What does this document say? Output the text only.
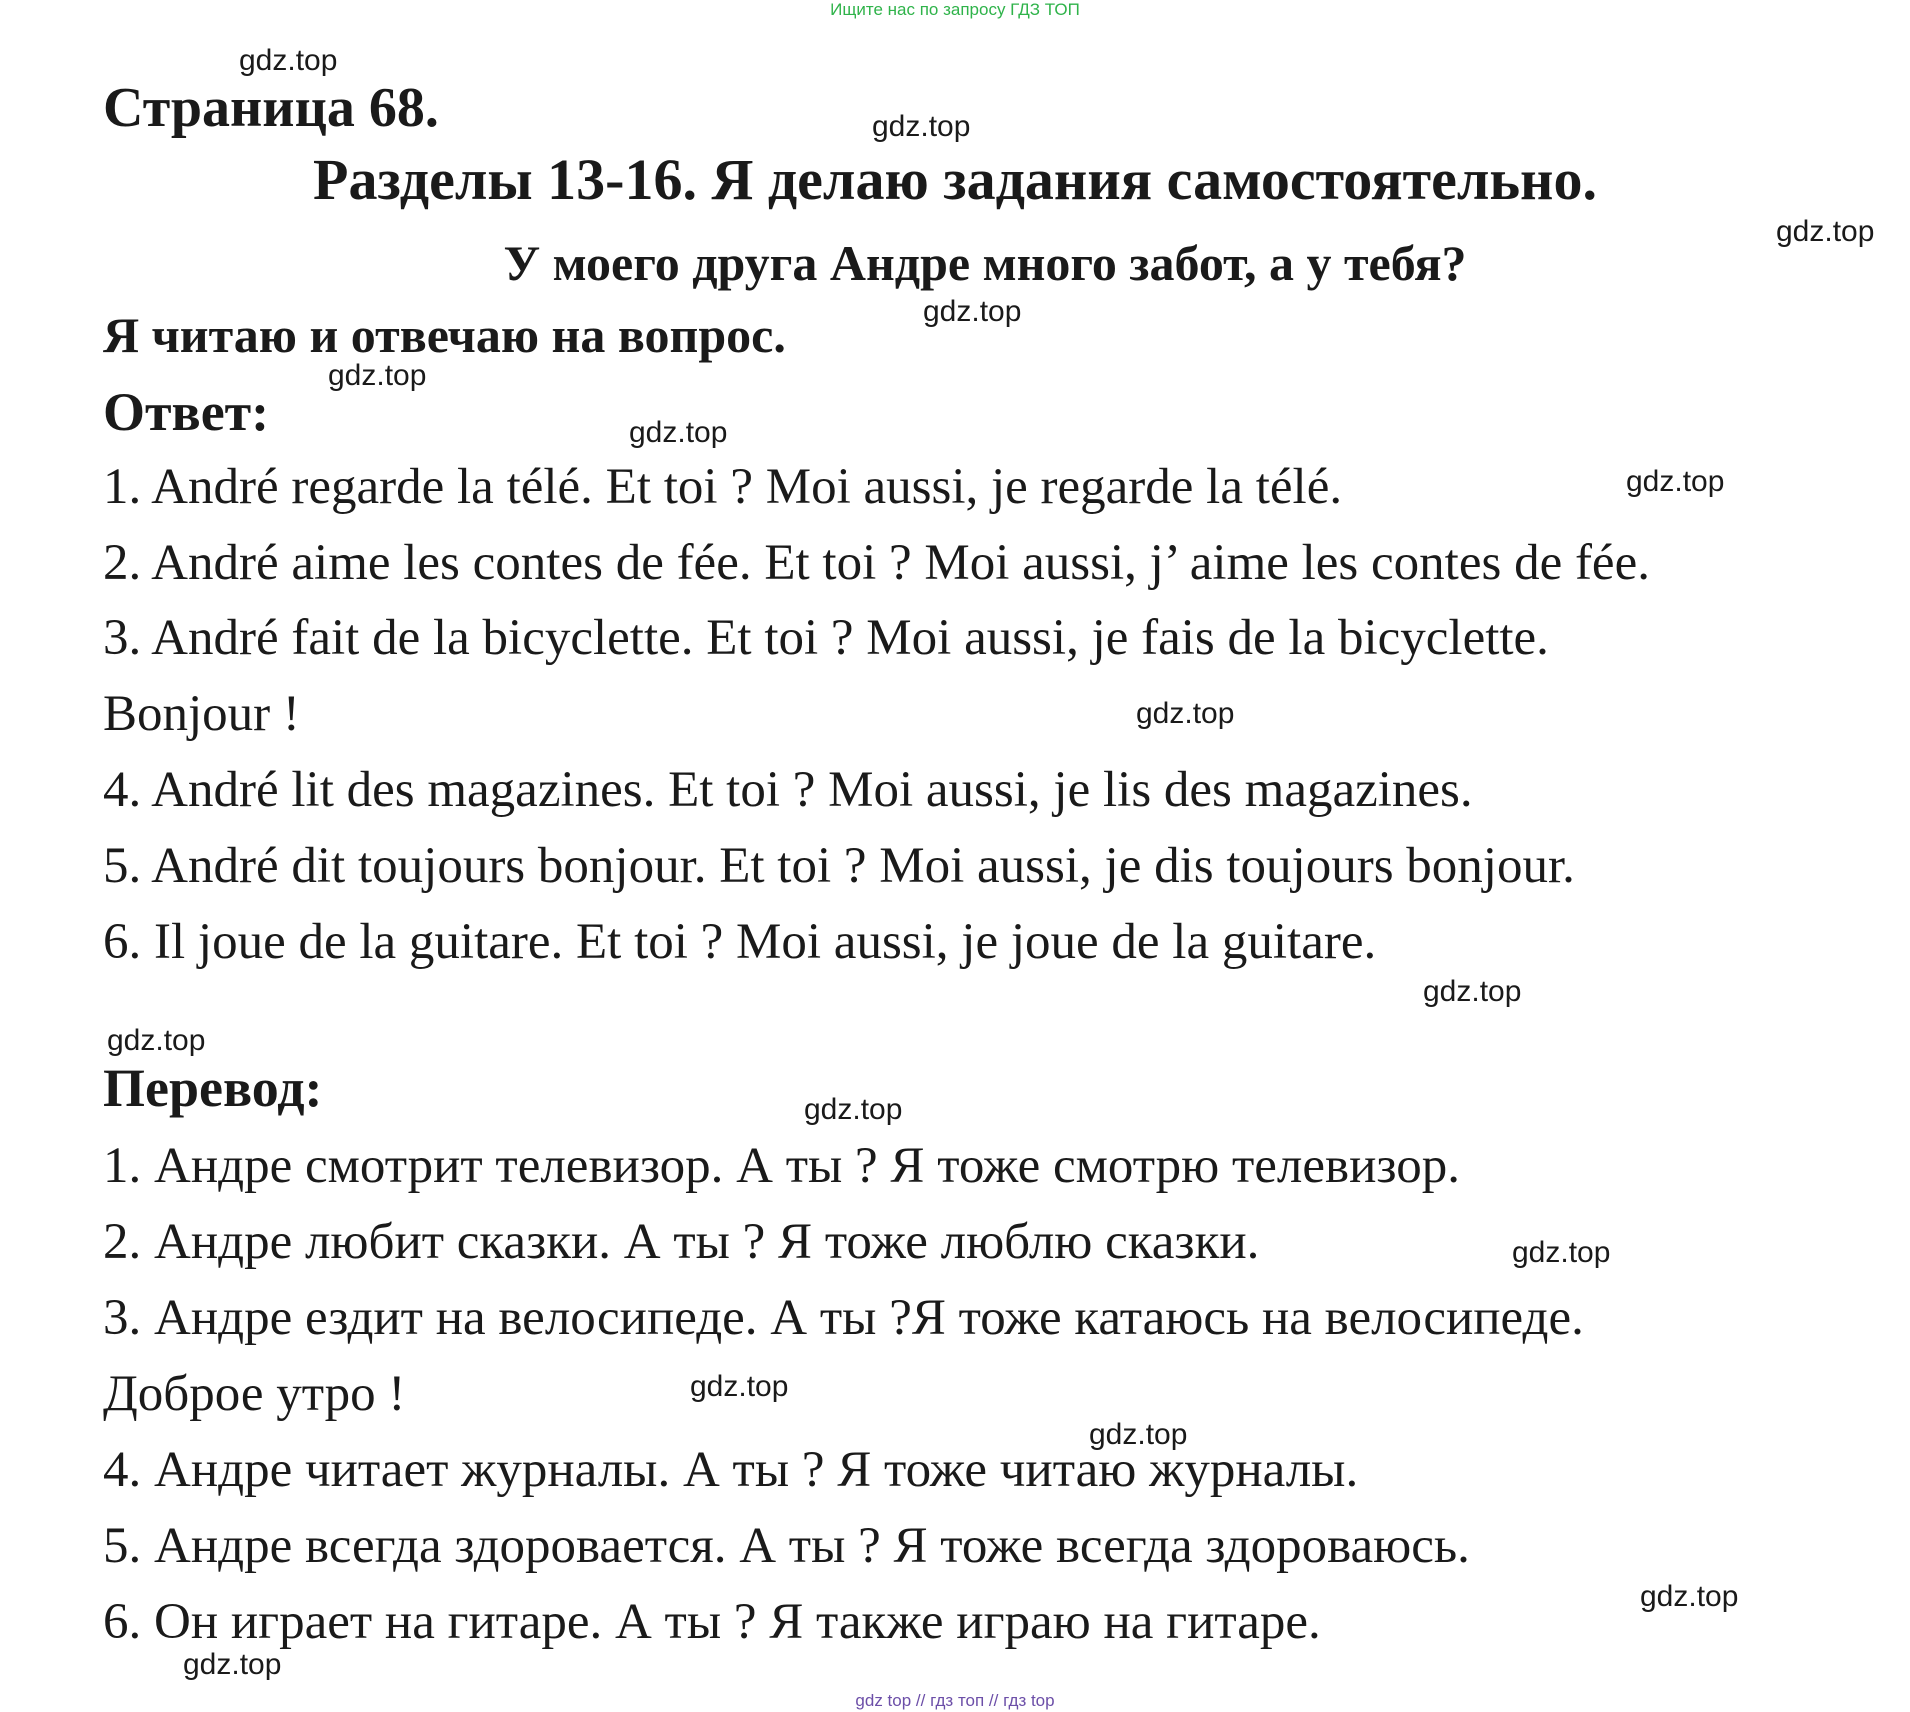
Ищите нас по запросу ГДЗ ТОП
gdz.top
gdz.top
gdz.top
gdz.top
gdz.top
gdz.top
gdz.top
gdz.top
gdz.top
gdz.top
gdz.top
gdz.top
gdz.top
gdz.top
gdz.top
gdz.top
Страница 68.
Разделы 13-16. Я делаю задания самостоятельно.
У моего друга Андре много забот, а у тебя?
Я читаю и отвечаю на вопрос.
Ответ:
1. André regarde la télé. Et toi ? Moi aussi, je regarde la télé.
2. André aime les contes de fée. Et toi ? Moi aussi, j’ aime les contes de fée.
3. André fait de la bicyclette. Et toi ? Moi aussi, je fais de la bicyclette.
Bonjour !
4. André lit des magazines. Et toi ? Moi aussi, je lis des magazines.
5. André dit toujours bonjour. Et toi ? Moi aussi, je dis toujours bonjour.
6. Il joue de la guitare. Et toi ? Moi aussi, je joue de la guitare.
Перевод:
1. Андре смотрит телевизор. А ты ? Я тоже смотрю телевизор.
2. Андре любит сказки. А ты ? Я тоже люблю сказки.
3. Андре ездит на велосипеде. А ты ?Я тоже катаюсь на велосипеде.
Доброе утро !
4. Андре читает журналы. А ты ? Я тоже читаю журналы.
5. Андре всегда здоровается. А ты ? Я тоже всегда здороваюсь.
6. Он играет на гитаре. А ты ? Я также играю на гитаре.
gdz top // гдз топ // гдз top
